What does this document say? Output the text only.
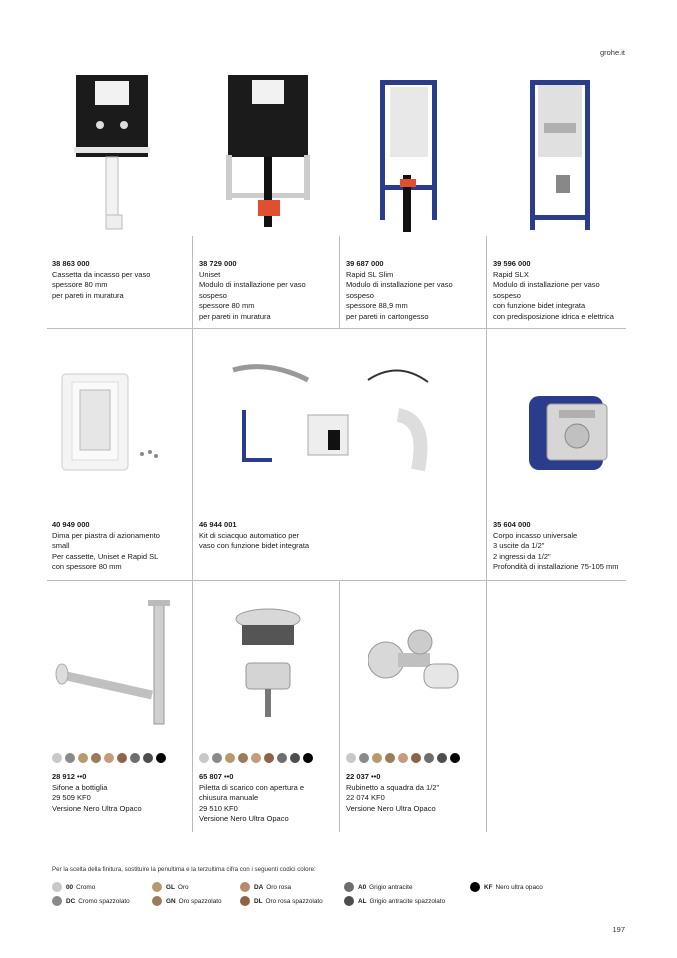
grohe.it
38 863 000
Cassetta da incasso per vaso
spessore 80 mm
per pareti in muratura
38 729 000
Uniset
Modulo di installazione per vaso
sospeso
spessore 80 mm
per pareti in muratura
39 687 000
Rapid SL Slim
Modulo di installazione per vaso
sospeso
spessore 88,9 mm
per pareti in cartongesso
39 596 000
Rapid SLX
Modulo di installazione per vaso
sospeso
con funzione bidet integrata
con predisposizione idrica e elettrica
40 949 000
Dima per piastra di azionamento
small
Per cassette, Uniset e Rapid SL
con spessore 80 mm
46 944 001
Kit di sciacquo automatico per
vaso con funzione bidet integrata
35 604 000
Corpo incasso universale
3 uscite da 1/2"
2 ingressi da 1/2"
Profondità di installazione 75-105 mm
28 912 ••0
Sifone a bottiglia
29 509 KF0
Versione Nero Ultra Opaco
65 807 ••0
Piletta di scarico con apertura e
chiusura manuale
29 510 KF0
Versione Nero Ultra Opaco
22 037 ••0
Rubinetto a squadra da 1/2"
22 074 KF0
Versione Nero Ultra Opaco
Per la scelta della finitura, sostituire la penultima e la terzultima cifra con i seguenti codici colore:
00 Cromo
DC Cromo spazzolato
GL Oro
GN Oro spazzolato
DA Oro rosa
DL Oro rosa spazzolato
A0 Grigio antracite
AL Grigio antracite spazzolato
KF Nero ultra opaco
197
